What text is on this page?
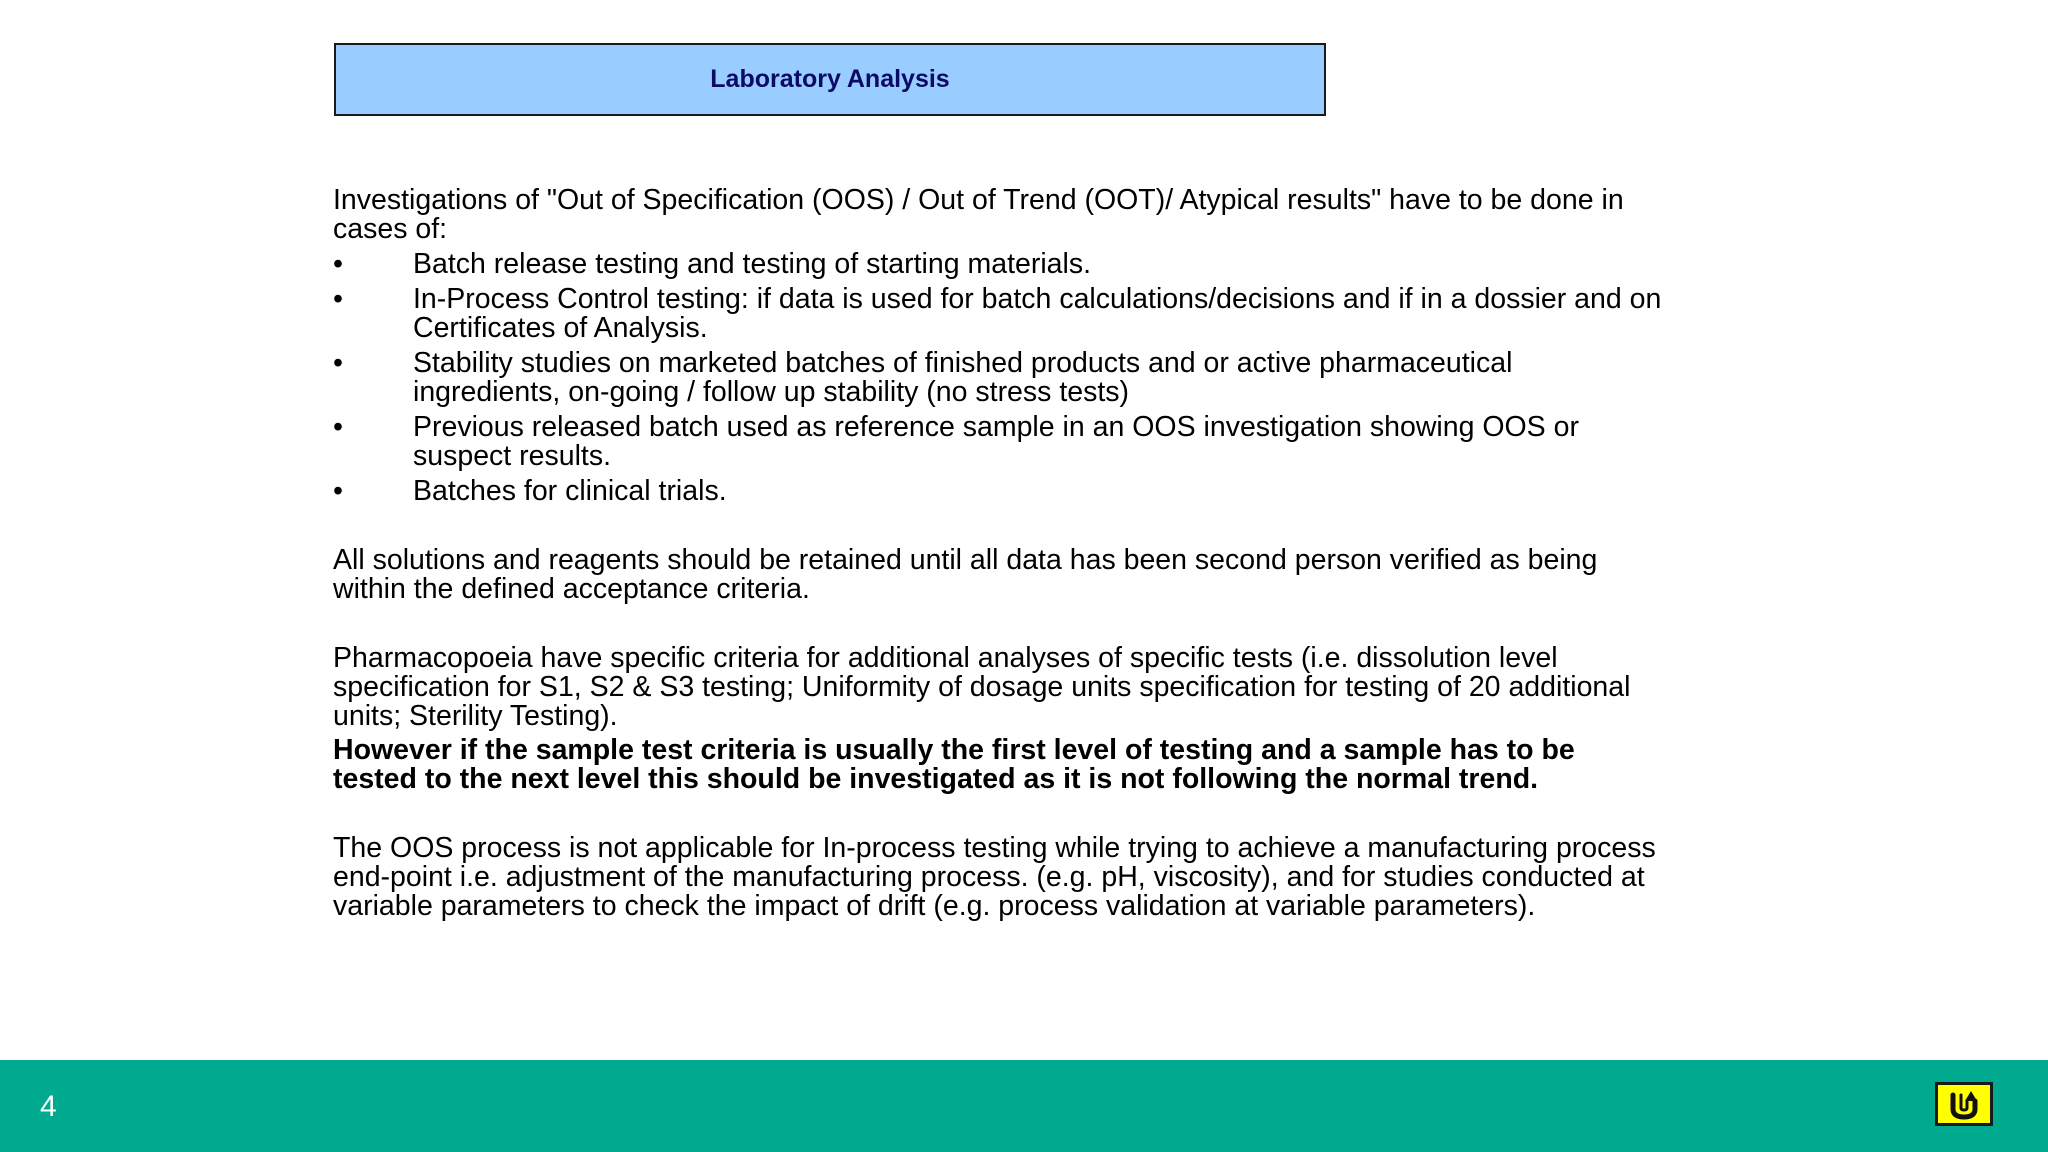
Laboratory Analysis

Investigations of "Out of Specification (OOS) / Out of Trend (OOT)/ Atypical results" have to be done in cases of:

• Batch release testing and testing of starting materials.
• In-Process Control testing: if data is used for batch calculations/decisions and if in a dossier and on Certificates of Analysis.
• Stability studies on marketed batches of finished products and or active pharmaceutical ingredients, on-going / follow up stability (no stress tests)
• Previous released batch used as reference sample in an OOS investigation showing OOS or suspect results.
• Batches for clinical trials.

All solutions and reagents should be retained until all data has been second person verified as being within the defined acceptance criteria.

Pharmacopoeia have specific criteria for additional analyses of specific tests (i.e. dissolution level specification for S1, S2 & S3 testing; Uniformity of dosage units specification for testing of 20 additional units; Sterility Testing).

However if the sample test criteria is usually the first level of testing and a sample has to be tested to the next level this should be investigated as it is not following the normal trend.

The OOS process is not applicable for In-process testing while trying to achieve a manufacturing process end-point i.e. adjustment of the manufacturing process. (e.g. pH, viscosity), and for studies conducted at variable parameters to check the impact of drift (e.g. process validation at variable parameters).

4
